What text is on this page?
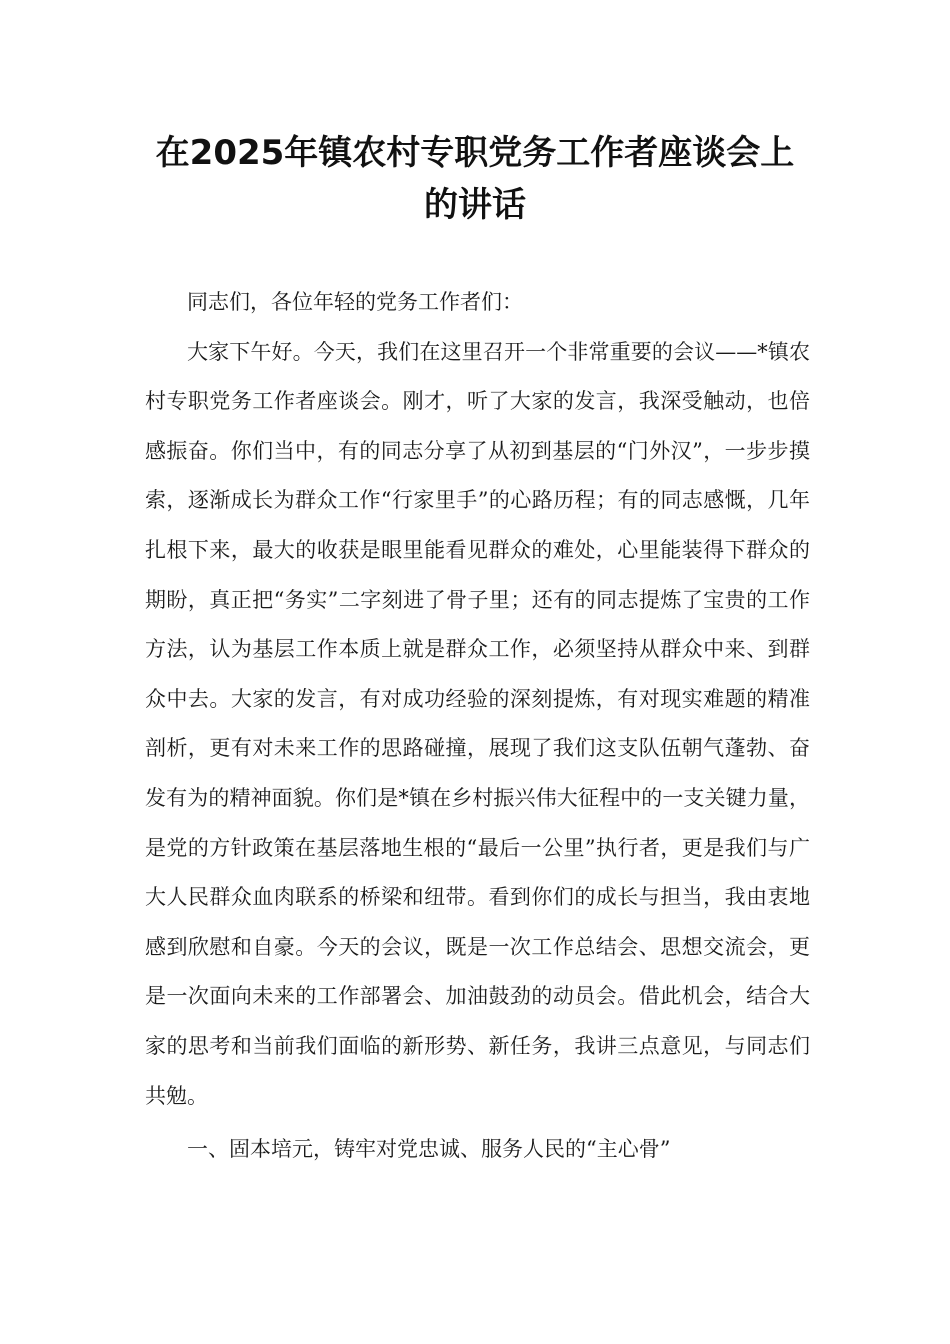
在2025年镇农村专职党务工作者座谈会上
的讲话

同志们，各位年轻的党务工作者们：

大家下午好。今天，我们在这里召开一个非常重要的会议——*镇农村专职党务工作者座谈会。刚才，听了大家的发言，我深受触动，也倍感振奋。你们当中，有的同志分享了从初到基层的“门外汉”，一步步摸索，逐渐成长为群众工作“行家里手”的心路历程；有的同志感慨，几年扎根下来，最大的收获是眼里能看见群众的难处，心里能装得下群众的期盼，真正把“务实”二字刻进了骨子里；还有的同志提炼了宝贵的工作方法，认为基层工作本质上就是群众工作，必须坚持从群众中来、到群众中去。大家的发言，有对成功经验的深刻提炼，有对现实难题的精准剖析，更有对未来工作的思路碰撞，展现了我们这支队伍朝气蓬勃、奋发有为的精神面貌。你们是*镇在乡村振兴伟大征程中的一支关键力量，是党的方针政策在基层落地生根的“最后一公里”执行者，更是我们与广大人民群众血肉联系的桥梁和纽带。看到你们的成长与担当，我由衷地感到欣慰和自豪。今天的会议，既是一次工作总结会、思想交流会，更是一次面向未来的工作部署会、加油鼓劲的动员会。借此机会，结合大家的思考和当前我们面临的新形势、新任务，我讲三点意见，与同志们共勉。

一、固本培元，铸牢对党忠诚、服务人民的“主心骨”
